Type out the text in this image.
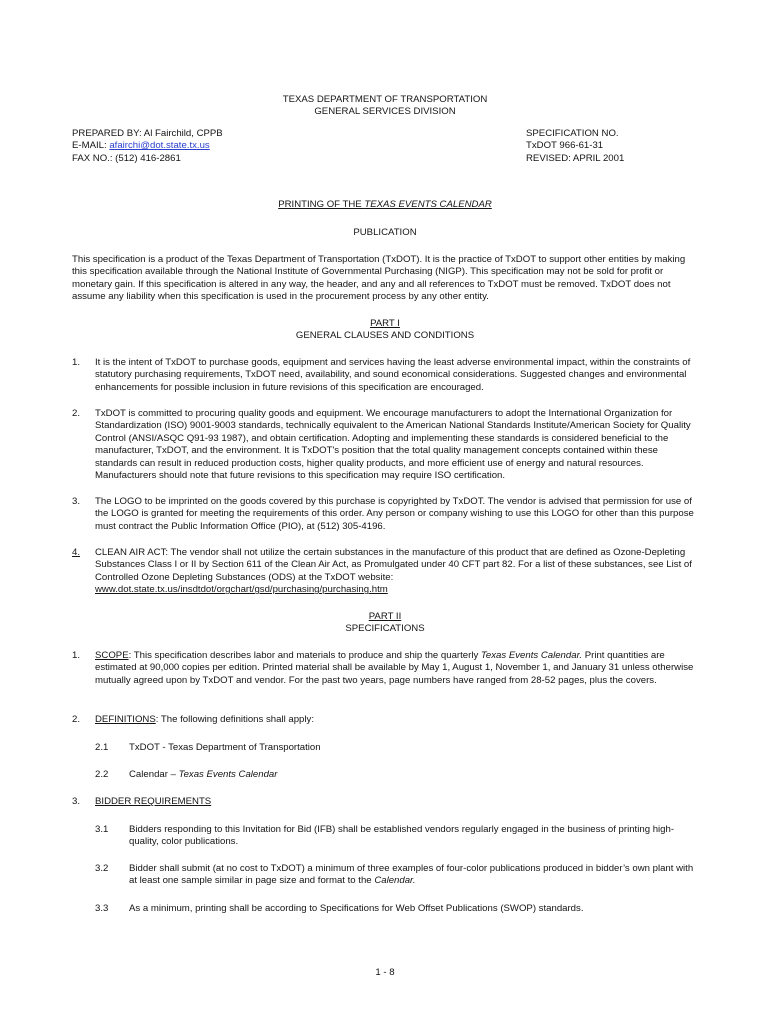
TEXAS DEPARTMENT OF TRANSPORTATION
GENERAL SERVICES DIVISION
PREPARED BY: Al Fairchild, CPPB
E-MAIL: afairchi@dot.state.tx.us
FAX NO.: (512) 416-2861
SPECIFICATION NO.
TxDOT 966-61-31
REVISED: APRIL 2001
PRINTING OF THE TEXAS EVENTS CALENDAR
PUBLICATION
This specification is a product of the Texas Department of Transportation (TxDOT). It is the practice of TxDOT to support other entities by making this specification available through the National Institute of Governmental Purchasing (NIGP). This specification may not be sold for profit or monetary gain. If this specification is altered in any way, the header, and any and all references to TxDOT must be removed. TxDOT does not assume any liability when this specification is used in the procurement process by any other entity.
PART I
GENERAL CLAUSES AND CONDITIONS
1. It is the intent of TxDOT to purchase goods, equipment and services having the least adverse environmental impact, within the constraints of statutory purchasing requirements, TxDOT need, availability, and sound economical considerations. Suggested changes and environmental enhancements for possible inclusion in future revisions of this specification are encouraged.
2. TxDOT is committed to procuring quality goods and equipment. We encourage manufacturers to adopt the International Organization for Standardization (ISO) 9001-9003 standards, technically equivalent to the American National Standards Institute/American Society for Quality Control (ANSI/ASQC Q91-93 1987), and obtain certification. Adopting and implementing these standards is considered beneficial to the manufacturer, TxDOT, and the environment. It is TxDOT's position that the total quality management concepts contained within these standards can result in reduced production costs, higher quality products, and more efficient use of energy and natural resources. Manufacturers should note that future revisions to this specification may require ISO certification.
3. The LOGO to be imprinted on the goods covered by this purchase is copyrighted by TxDOT. The vendor is advised that permission for use of the LOGO is granted for meeting the requirements of this order. Any person or company wishing to use this LOGO for other than this purpose must contract the Public Information Office (PIO), at (512) 305-4196.
4. CLEAN AIR ACT: The vendor shall not utilize the certain substances in the manufacture of this product that are defined as Ozone-Depleting Substances Class I or II by Section 611 of the Clean Air Act, as Promulgated under 40 CFT part 82. For a list of these substances, see List of Controlled Ozone Depleting Substances (ODS) at the TxDOT website:
www.dot.state.tx.us/insdtdot/orgchart/gsd/purchasing/purchasing.htm
PART II
SPECIFICATIONS
1. SCOPE: This specification describes labor and materials to produce and ship the quarterly Texas Events Calendar. Print quantities are estimated at 90,000 copies per edition. Printed material shall be available by May 1, August 1, November 1, and January 31 unless otherwise mutually agreed upon by TxDOT and vendor. For the past two years, page numbers have ranged from 28-52 pages, plus the covers.
2. DEFINITIONS: The following definitions shall apply:
2.1 TxDOT - Texas Department of Transportation
2.2 Calendar – Texas Events Calendar
3. BIDDER REQUIREMENTS
3.1 Bidders responding to this Invitation for Bid (IFB) shall be established vendors regularly engaged in the business of printing high-quality, color publications.
3.2 Bidder shall submit (at no cost to TxDOT) a minimum of three examples of four-color publications produced in bidder’s own plant with at least one sample similar in page size and format to the Calendar.
3.3 As a minimum, printing shall be according to Specifications for Web Offset Publications (SWOP) standards.
1 - 8
